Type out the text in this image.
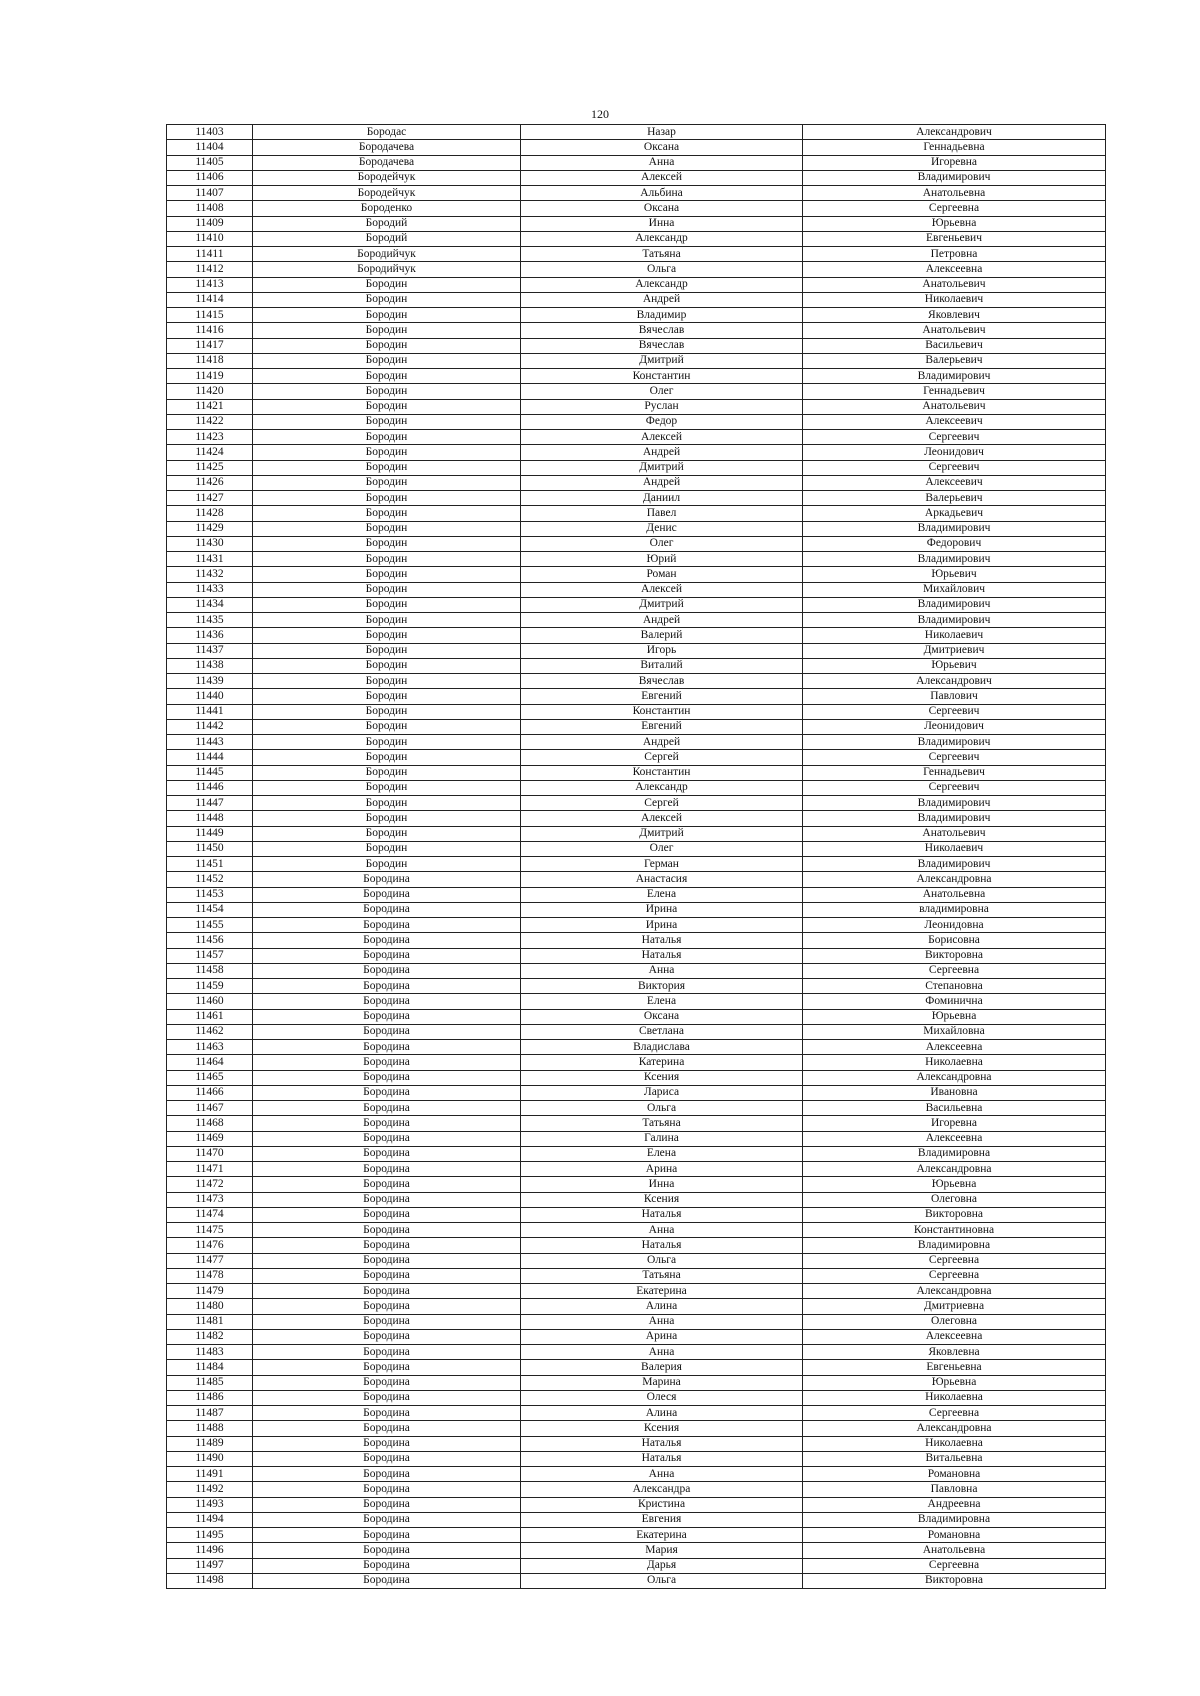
120
11403	Бородас	Назар	Александрович
11404	Бородачева	Оксана	Геннадьевна
11405	Бородачева	Анна	Игоревна
11406	Бородейчук	Алексей	Владимирович
11407	Бородейчук	Альбина	Анатольевна
11408	Бороденко	Оксана	Сергеевна
11409	Бородий	Инна	Юрьевна
11410	Бородий	Александр	Евгеньевич
11411	Бородийчук	Татьяна	Петровна
11412	Бородийчук	Ольга	Алексеевна
11413	Бородин	Александр	Анатольевич
11414	Бородин	Андрей	Николаевич
11415	Бородин	Владимир	Яковлевич
11416	Бородин	Вячеслав	Анатольевич
11417	Бородин	Вячеслав	Васильевич
11418	Бородин	Дмитрий	Валерьевич
11419	Бородин	Константин	Владимирович
11420	Бородин	Олег	Геннадьевич
11421	Бородин	Руслан	Анатольевич
11422	Бородин	Федор	Алексеевич
11423	Бородин	Алексей	Сергеевич
11424	Бородин	Андрей	Леонидович
11425	Бородин	Дмитрий	Сергеевич
11426	Бородин	Андрей	Алексеевич
11427	Бородин	Даниил	Валерьевич
11428	Бородин	Павел	Аркадьевич
11429	Бородин	Денис	Владимирович
11430	Бородин	Олег	Федорович
11431	Бородин	Юрий	Владимирович
11432	Бородин	Роман	Юрьевич
11433	Бородин	Алексей	Михайлович
11434	Бородин	Дмитрий	Владимирович
11435	Бородин	Андрей	Владимирович
11436	Бородин	Валерий	Николаевич
11437	Бородин	Игорь	Дмитриевич
11438	Бородин	Виталий	Юрьевич
11439	Бородин	Вячеслав	Александрович
11440	Бородин	Евгений	Павлович
11441	Бородин	Константин	Сергеевич
11442	Бородин	Евгений	Леонидович
11443	Бородин	Андрей	Владимирович
11444	Бородин	Сергей	Сергеевич
11445	Бородин	Константин	Геннадьевич
11446	Бородин	Александр	Сергеевич
11447	Бородин	Сергей	Владимирович
11448	Бородин	Алексей	Владимирович
11449	Бородин	Дмитрий	Анатольевич
11450	Бородин	Олег	Николаевич
11451	Бородин	Герман	Владимирович
11452	Бородина	Анастасия	Александровна
11453	Бородина	Елена	Анатольевна
11454	Бородина	Ирина	владимировна
11455	Бородина	Ирина	Леонидовна
11456	Бородина	Наталья	Борисовна
11457	Бородина	Наталья	Викторовна
11458	Бородина	Анна	Сергеевна
11459	Бородина	Виктория	Степановна
11460	Бородина	Елена	Фоминична
11461	Бородина	Оксана	Юрьевна
11462	Бородина	Светлана	Михайловна
11463	Бородина	Владислава	Алексеевна
11464	Бородина	Катерина	Николаевна
11465	Бородина	Ксения	Александровна
11466	Бородина	Лариса	Ивановна
11467	Бородина	Ольга	Васильевна
11468	Бородина	Татьяна	Игоревна
11469	Бородина	Галина	Алексеевна
11470	Бородина	Елена	Владимировна
11471	Бородина	Арина	Александровна
11472	Бородина	Инна	Юрьевна
11473	Бородина	Ксения	Олеговна
11474	Бородина	Наталья	Викторовна
11475	Бородина	Анна	Константиновна
11476	Бородина	Наталья	Владимировна
11477	Бородина	Ольга	Сергеевна
11478	Бородина	Татьяна	Сергеевна
11479	Бородина	Екатерина	Александровна
11480	Бородина	Алина	Дмитриевна
11481	Бородина	Анна	Олеговна
11482	Бородина	Арина	Алексеевна
11483	Бородина	Анна	Яковлевна
11484	Бородина	Валерия	Евгеньевна
11485	Бородина	Марина	Юрьевна
11486	Бородина	Олеся	Николаевна
11487	Бородина	Алина	Сергеевна
11488	Бородина	Ксения	Александровна
11489	Бородина	Наталья	Николаевна
11490	Бородина	Наталья	Витальевна
11491	Бородина	Анна	Романовна
11492	Бородина	Александра	Павловна
11493	Бородина	Кристина	Андреевна
11494	Бородина	Евгения	Владимировна
11495	Бородина	Екатерина	Романовна
11496	Бородина	Мария	Анатольевна
11497	Бородина	Дарья	Сергеевна
11498	Бородина	Ольга	Викторовна
